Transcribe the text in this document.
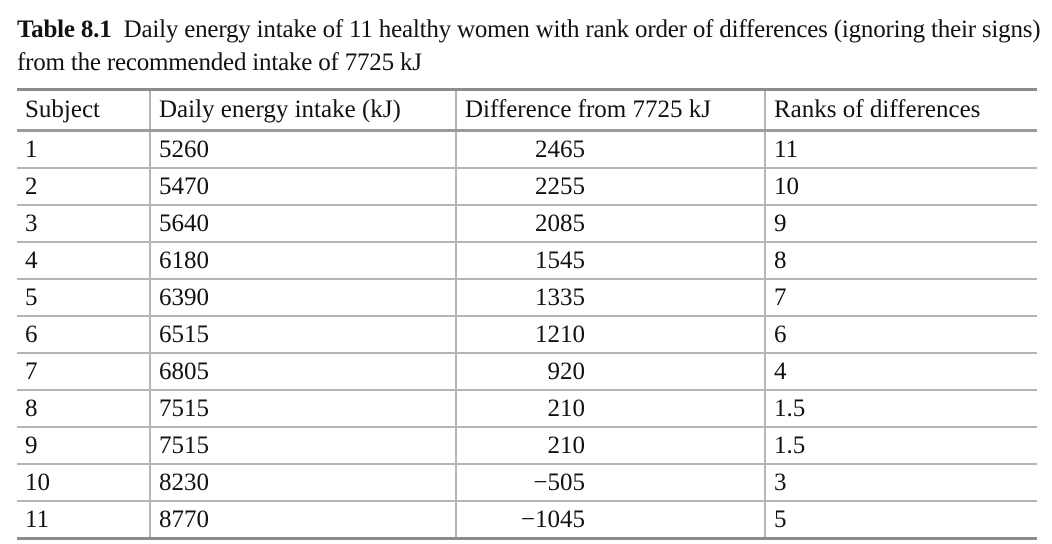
Table 8.1 Daily energy intake of 11 healthy women with rank order of differences (ignoring their signs) from the recommended intake of 7725 kJ
Subject	Daily energy intake (kJ)	Difference from 7725 kJ	Ranks of differences
1	5260	2465	11
2	5470	2255	10
3	5640	2085	9
4	6180	1545	8
5	6390	1335	7
6	6515	1210	6
7	6805	920	4
8	7515	210	1.5
9	7515	210	1.5
10	8230	−505	3
11	8770	−1045	5
